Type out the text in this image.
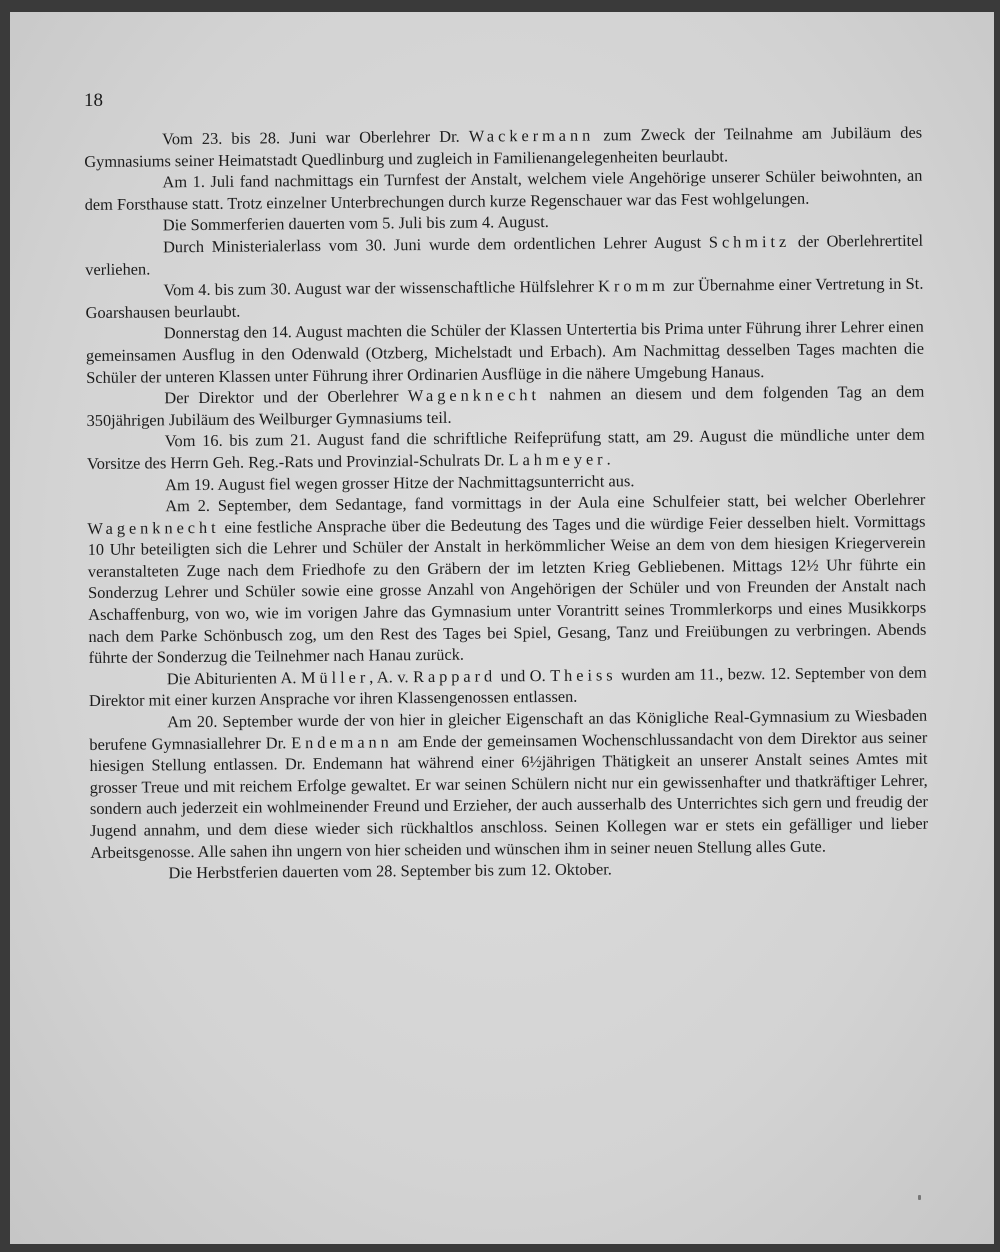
18

Vom 23. bis 28. Juni war Oberlehrer Dr. Wackermann zum Zweck der Teilnahme am Jubiläum des Gymnasiums seiner Heimatstadt Quedlinburg und zugleich in Familienangelegenheiten beurlaubt.

Am 1. Juli fand nachmittags ein Turnfest der Anstalt, welchem viele Angehörige unserer Schüler beiwohnten, an dem Forsthause statt. Trotz einzelner Unterbrechungen durch kurze Regenschauer war das Fest wohlgelungen.

Die Sommerferien dauerten vom 5. Juli bis zum 4. August.

Durch Ministerialerlass vom 30. Juni wurde dem ordentlichen Lehrer August Schmitz der Oberlehrertitel verliehen.

Vom 4. bis zum 30. August war der wissenschaftliche Hülfslehrer Kromm zur Übernahme einer Vertretung in St. Goarshausen beurlaubt.

Donnerstag den 14. August machten die Schüler der Klassen Untertertia bis Prima unter Führung ihrer Lehrer einen gemeinsamen Ausflug in den Odenwald (Otzberg, Michelstadt und Erbach). Am Nachmittag desselben Tages machten die Schüler der unteren Klassen unter Führung ihrer Ordinarien Ausflüge in die nähere Umgebung Hanaus.

Der Direktor und der Oberlehrer Wagenknecht nahmen an diesem und dem folgenden Tag an dem 350jährigen Jubiläum des Weilburger Gymnasiums teil.

Vom 16. bis zum 21. August fand die schriftliche Reifeprüfung statt, am 29. August die mündliche unter dem Vorsitze des Herrn Geh. Reg.-Rats und Provinzial-Schulrats Dr. Lahmeyer.

Am 19. August fiel wegen grosser Hitze der Nachmittagsunterricht aus.

Am 2. September, dem Sedantage, fand vormittags in der Aula eine Schulfeier statt, bei welcher Oberlehrer Wagenknecht eine festliche Ansprache über die Bedeutung des Tages und die würdige Feier desselben hielt. Vormittags 10 Uhr beteiligten sich die Lehrer und Schüler der Anstalt in herkömmlicher Weise an dem von dem hiesigen Kriegerverein veranstalteten Zuge nach dem Friedhofe zu den Gräbern der im letzten Krieg Gebliebenen. Mittags 12½ Uhr führte ein Sonderzug Lehrer und Schüler sowie eine grosse Anzahl von Angehörigen der Schüler und von Freunden der Anstalt nach Aschaffenburg, von wo, wie im vorigen Jahre das Gymnasium unter Vorantritt seines Trommlerkorps und eines Musikkorps nach dem Parke Schönbusch zog, um den Rest des Tages bei Spiel, Gesang, Tanz und Freiübungen zu verbringen. Abends führte der Sonderzug die Teilnehmer nach Hanau zurück.

Die Abiturienten A. Müller, A. v. Rappard und O. Theiss wurden am 11., bezw. 12. September von dem Direktor mit einer kurzen Ansprache vor ihren Klassengenossen entlassen.

Am 20. September wurde der von hier in gleicher Eigenschaft an das Königliche Real-Gymnasium zu Wiesbaden berufene Gymnasiallehrer Dr. Endemann am Ende der gemeinsamen Wochenschlussandacht von dem Direktor aus seiner hiesigen Stellung entlassen. Dr. Endemann hat während einer 6½jährigen Thätigkeit an unserer Anstalt seines Amtes mit grosser Treue und mit reichem Erfolge gewaltet. Er war seinen Schülern nicht nur ein gewissenhafter und thatkräftiger Lehrer, sondern auch jederzeit ein wohlmeinender Freund und Erzieher, der auch ausserhalb des Unterrichtes sich gern und freudig der Jugend annahm, und dem diese wieder sich rückhaltlos anschloss. Seinen Kollegen war er stets ein gefälliger und lieber Arbeitsgenosse. Alle sahen ihn ungern von hier scheiden und wünschen ihm in seiner neuen Stellung alles Gute.

Die Herbstferien dauerten vom 28. September bis zum 12. Oktober.
